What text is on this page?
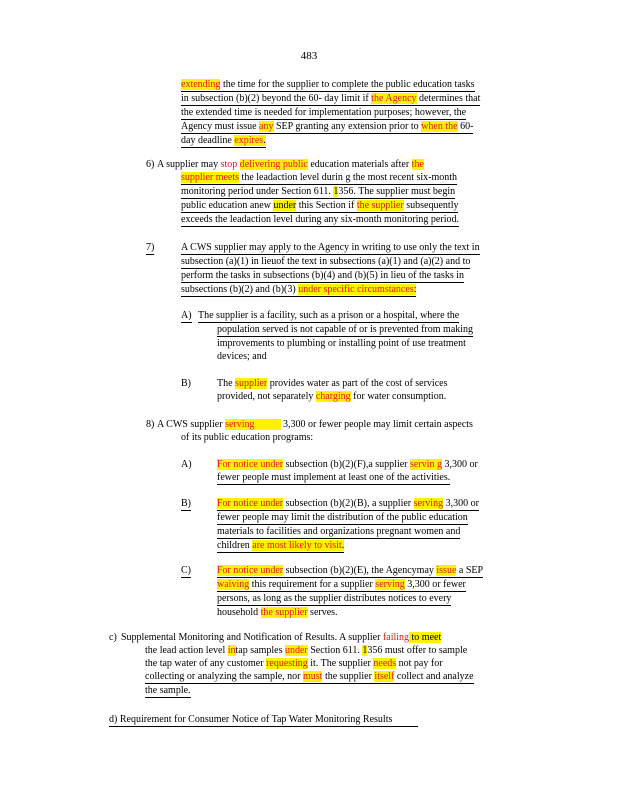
483
extending the time for the supplier to complete the public education tasks
in subsection (b)(2) beyond the 60- day limit if the Agency determines that
the extended time is needed for implementation purposes; however, the
Agency must issue any SEP granting any extension prior to when the 60-
day deadline expires.
6) A supplier may stop delivering public education materials after the
supplier meets the leadaction level durin g the most recent six-month
monitoring period under Section 611. 1356. The supplier must begin
public education anew under this Section if the supplier subsequently
exceeds the leadaction level during any six-month monitoring period.
7)	A CWS supplier may apply to the Agency in writing to use only the text in
subsection (a)(1) in lieuof the text in subsections (a)(1) and (a)(2) and to
perform the tasks in subsections (b)(4) and (b)(5) in lieu of the tasks in
subsections (b)(2) and (b)(3) under specific circumstances:
A) The supplier is a facility, such as a prison or a hospital, where the
population served is not capable of or is prevented from making
improvements to plumbing or installing point of use treatment
devices; and
B)	The supplier provides water as part of the cost of services
provided, not separately charging for water consumption.
8) A CWS supplier serving	3,300 or fewer people may limit certain aspects
of its public education programs:
A)	For notice under subsection (b)(2)(F),a supplier servin g 3,300 or
fewer people must implement at least one of the activities.
B)	For notice under subsection (b)(2)(B), a supplier serving 3,300 or
fewer people may limit the distribution of the public education
materials to facilities and organizations pregnant women and
children are most likely to visit.
C)	For notice under subsection (b)(2)(E), the Agencymay issue a SEP
waiving this requirement for a supplier serving 3,300 or fewer
persons, as long as the supplier distributes notices to every
household the supplier serves.
c) Supplemental Monitoring and Notification of Results. A supplier failing to meet
the lead action level intap samples under Section 611. 1356 must offer to sample
the tap water of any customer requesting it. The supplier needs not pay for
collecting or analyzing the sample, nor must the supplier itself collect and analyze
the sample.
d) Requirement for Consumer Notice of Tap Water Monitoring Results
